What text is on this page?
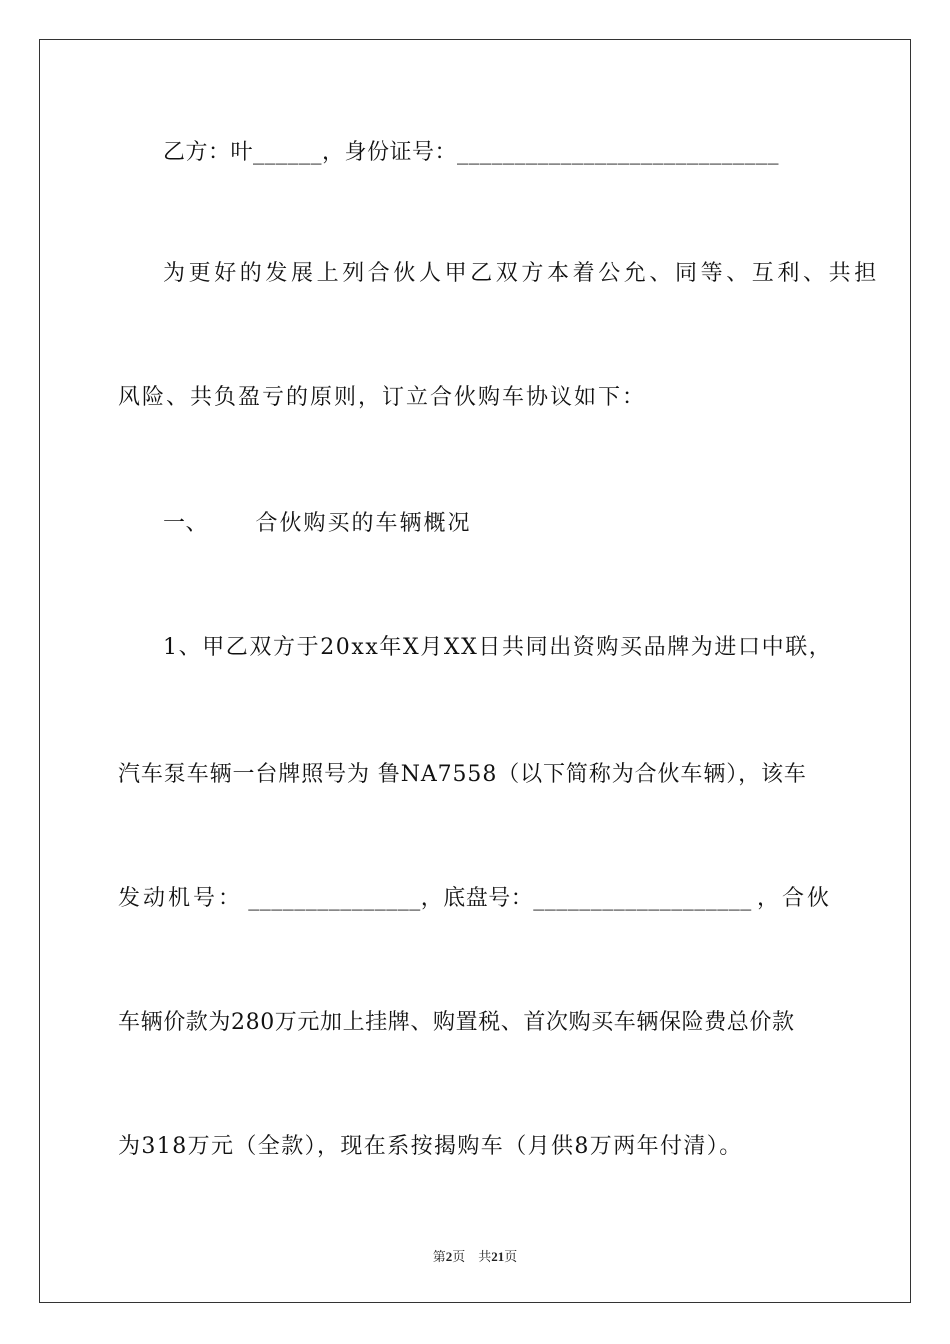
乙方：叶______，身份证号：____________________________
为更好的发展上列合伙人甲乙双方本着公允、同等、互利、共担
风险、共负盈亏的原则，订立合伙购车协议如下：
一、 合伙购买的车辆概况
1、甲乙双方于20xx年X月XX日共同出资购买品牌为进口中联，
汽车泵车辆一台牌照号为 鲁NA7558（以下简称为合伙车辆），该车
发动机号： _______________，底盘号：___________________ ，合伙
车辆价款为280万元加上挂牌、购置税、首次购买车辆保险费总价款
为318万元（全款），现在系按揭购车（月供8万两年付清）。
第2页　共21页
